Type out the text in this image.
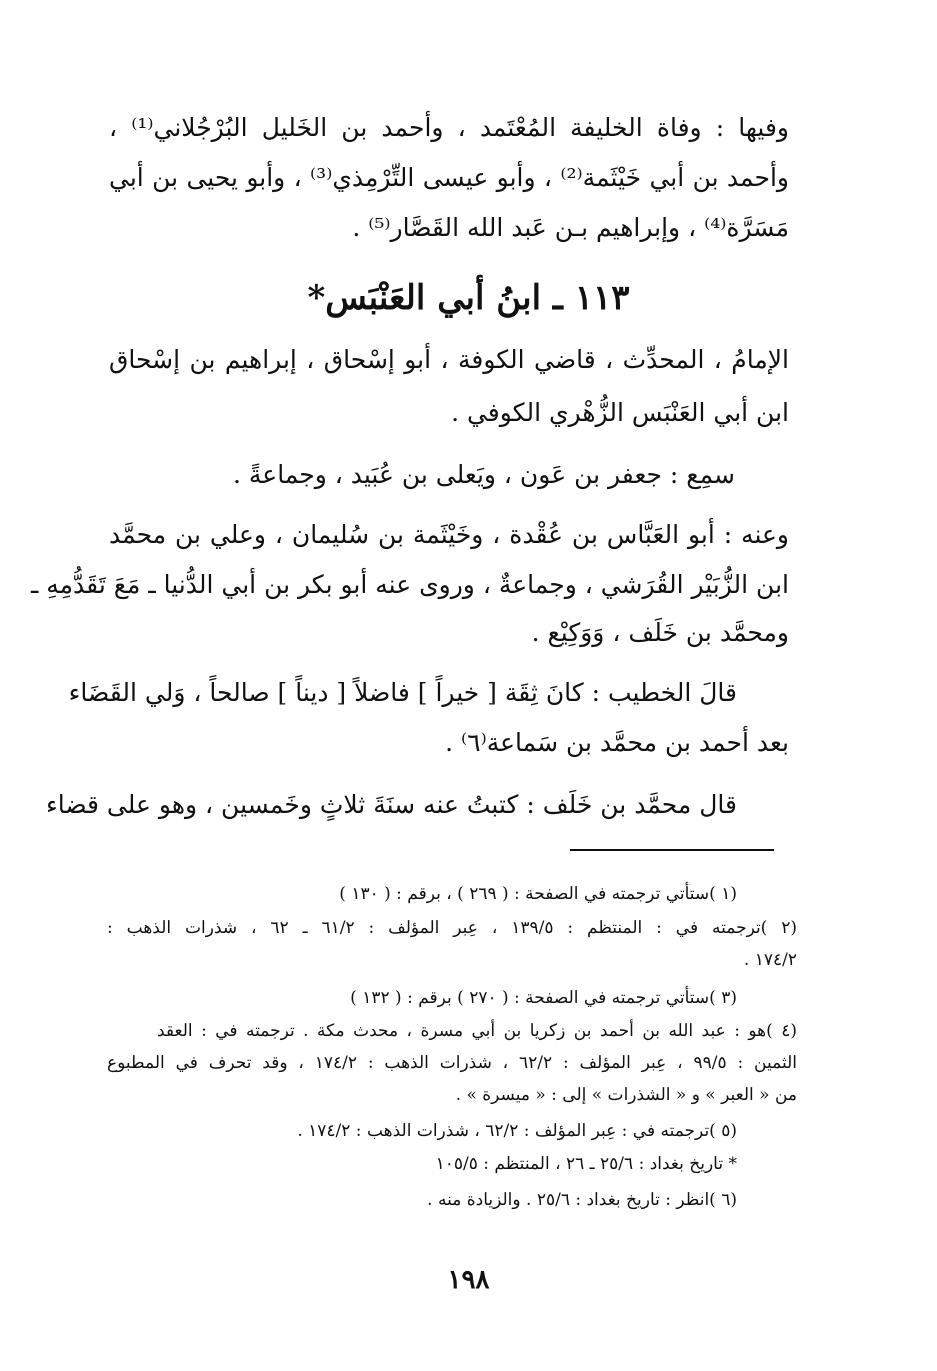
وفيها : وفاة الخليفة المُعْتَمد ، وأحمد بن الخَليل البُرْجُلاني⁽¹⁾ ،
وأحمد بن أبي خَيْثَمة⁽²⁾ ، وأبو عيسى التِّرْمِذي⁽³⁾ ، وأبو يحيى بن أبي
مَسَرَّة⁽⁴⁾ ، وإبراهيم بـن عَبد الله القَصَّار⁽⁵⁾ .
١١٣ ـ ابنُ أبي العَنْبَس*
الإمامُ ، المحدِّث ، قاضي الكوفة ، أبو إسْحاق ، إبراهيم بن إسْحاق
ابن أبي العَنْبَس الزُّهْري الكوفي .
سمِع : جعفر بن عَون ، ويَعلى بن عُبَيد ، وجماعةً .
وعنه : أبو العَبَّاس بن عُقْدة ، وخَيْثَمة بن سُليمان ، وعلي بن محمَّد
ابن الزُّبَيْر القُرَشي ، وجماعةٌ ، وروى عنه أبو بكر بن أبي الدُّنيا ـ مَعَ تَقَدُّمِهِ ـ
ومحمَّد بن خَلَف ، وَوَكِيْع .
قالَ الخطيب : كانَ ثِقَة [ خيراً ] فاضلاً [ ديناً ] صالحاً ، وَلي القَضَاء
بعد أحمد بن محمَّد بن سَماعة⁽٦⁾ .
قال محمَّد بن خَلَف : كتبتُ عنه سنَةَ ثلاثٍ وخَمسين ، وهو على قضاء
(١ )ستأتي ترجمته في الصفحة : ( ٢٦٩ ) ، برقم : ( ١٣٠ )
(٢ )ترجمته في : المنتظم : ١٣٩/٥ ، عِبر المؤلف : ٦١/٢ ـ ٦٢ ، شذرات الذهب :
١٧٤/٢ .
(٣ )ستأتي ترجمته في الصفحة : ( ٢٧٠ ) برقم : ( ١٣٢ )
(٤ )هو : عبد الله بن أحمد بن زكريا بن أبي مسرة ، محدث مكة . ترجمته في : العقد
الثمين : ٩٩/٥ ، عِبر المؤلف : ٦٢/٢ ، شذرات الذهب : ١٧٤/٢ ، وقد تحرف في المطبوع
من « العبر » و « الشذرات » إلى : « ميسرة » .
(٥ )ترجمته في : عِبر المؤلف : ٦٢/٢ ، شذرات الذهب : ١٧٤/٢ .
* تاريخ بغداد : ٢٥/٦ ـ ٢٦ ، المنتظم : ١٠٥/٥
(٦ )انظر : تاريخ بغداد : ٢٥/٦ . والزيادة منه .
١٩٨
